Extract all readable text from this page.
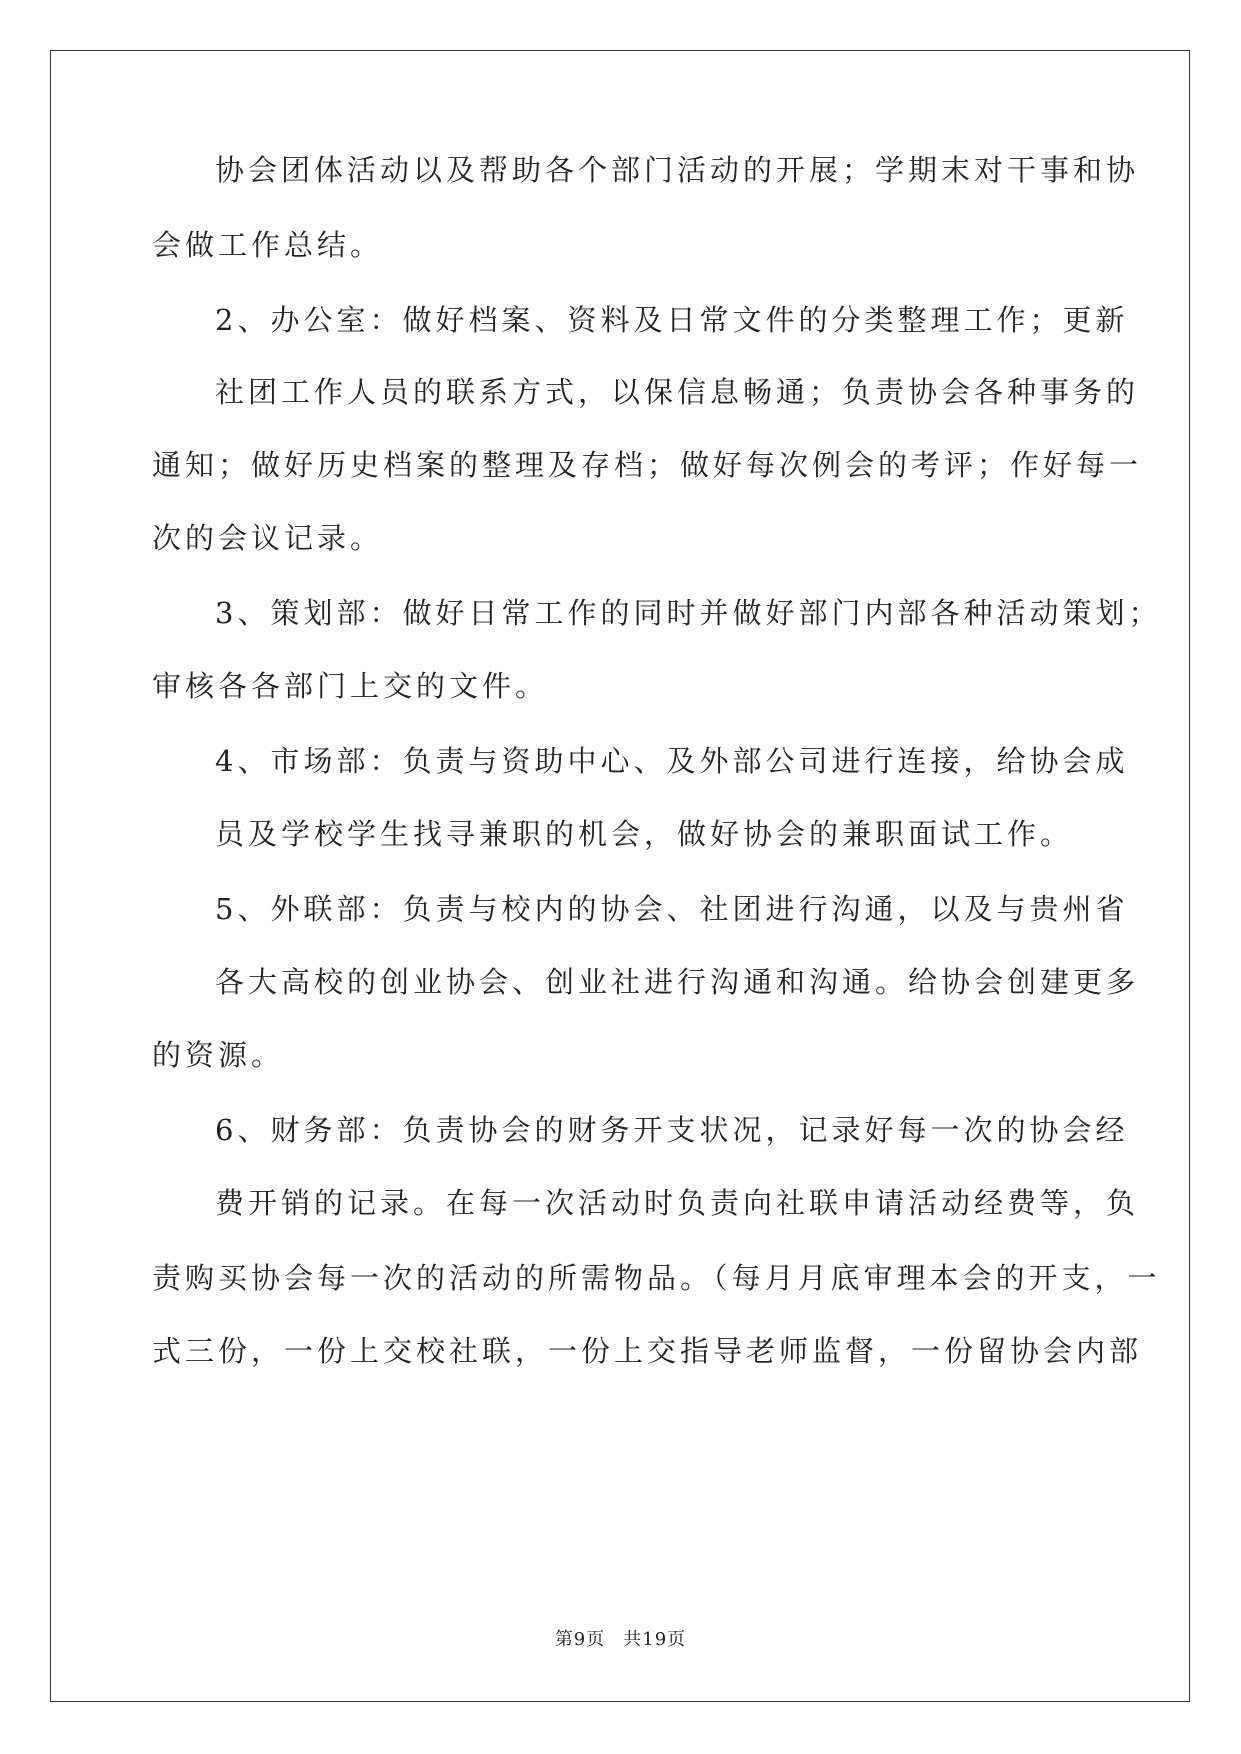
协会团体活动以及帮助各个部门活动的开展；学期末对干事和协
会做工作总结。
2、办公室：做好档案、资料及日常文件的分类整理工作；更新
社团工作人员的联系方式，以保信息畅通；负责协会各种事务的
通知；做好历史档案的整理及存档；做好每次例会的考评；作好每一
次的会议记录。
3、策划部：做好日常工作的同时并做好部门内部各种活动策划；
审核各各部门上交的文件。
4、市场部：负责与资助中心、及外部公司进行连接，给协会成
员及学校学生找寻兼职的机会，做好协会的兼职面试工作。
5、外联部：负责与校内的协会、社团进行沟通，以及与贵州省
各大高校的创业协会、创业社进行沟通和沟通。给协会创建更多
的资源。
6、财务部：负责协会的财务开支状况，记录好每一次的协会经
费开销的记录。在每一次活动时负责向社联申请活动经费等，负
责购买协会每一次的活动的所需物品。（每月月底审理本会的开支，一
式三份，一份上交校社联，一份上交指导老师监督，一份留协会内部
第9页 共19页
